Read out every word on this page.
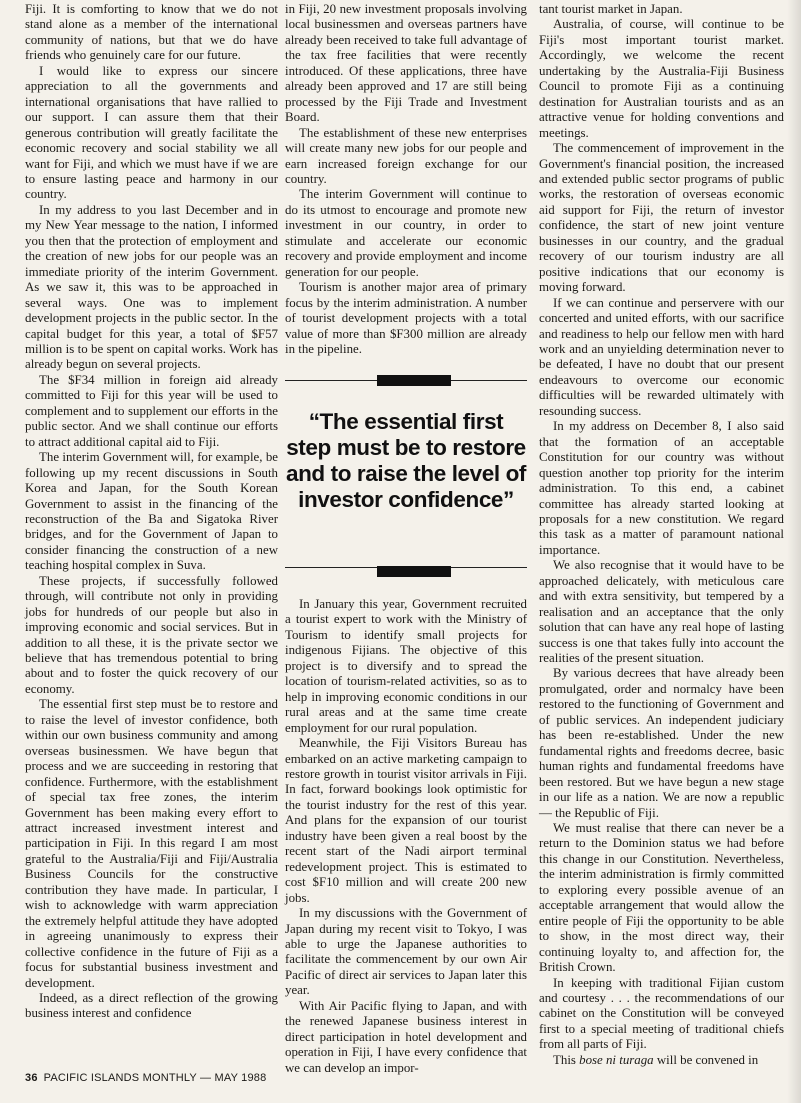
Fiji. It is comforting to know that we do not stand alone as a member of the international community of nations, but that we do have friends who genuinely care for our future.

I would like to express our sincere appreciation to all the governments and international organisations that have rallied to our support. I can assure them that their generous contribution will greatly facilitate the economic recovery and social stability we all want for Fiji, and which we must have if we are to ensure lasting peace and harmony in our country.

In my address to you last December and in my New Year message to the nation, I informed you then that the protection of employment and the creation of new jobs for our people was an immediate priority of the interim Government. As we saw it, this was to be approached in several ways. One was to implement development projects in the public sector. In the capital budget for this year, a total of $F57 million is to be spent on capital works. Work has already begun on several projects.

The $F34 million in foreign aid already committed to Fiji for this year will be used to complement and to supplement our efforts in the public sector. And we shall continue our efforts to attract additional capital aid to Fiji.

The interim Government will, for example, be following up my recent discussions in South Korea and Japan, for the South Korean Government to assist in the financing of the reconstruction of the Ba and Sigatoka River bridges, and for the Government of Japan to consider financing the construction of a new teaching hospital complex in Suva.

These projects, if successfully followed through, will contribute not only in providing jobs for hundreds of our people but also in improving economic and social services. But in addition to all these, it is the private sector we believe that has tremendous potential to bring about and to foster the quick recovery of our economy.

The essential first step must be to restore and to raise the level of investor confidence, both within our own business community and among overseas businessmen. We have begun that process and we are succeeding in restoring that confidence. Furthermore, with the establishment of special tax free zones, the interim Government has been making every effort to attract increased investment interest and participation in Fiji. In this regard I am most grateful to the Australia/Fiji and Fiji/Australia Business Councils for the constructive contribution they have made. In particular, I wish to acknowledge with warm appreciation the extremely helpful attitude they have adopted in agreeing unanimously to express their collective confidence in the future of Fiji as a focus for substantial business investment and development.

Indeed, as a direct reflection of the growing business interest and confidence

in Fiji, 20 new investment proposals involving local businessmen and overseas partners have already been received to take full advantage of the tax free facilities that were recently introduced. Of these applications, three have already been approved and 17 are still being processed by the Fiji Trade and Investment Board.

The establishment of these new enterprises will create many new jobs for our people and earn increased foreign exchange for our country.

The interim Government will continue to do its utmost to encourage and promote new investment in our country, in order to stimulate and accelerate our economic recovery and provide employment and income generation for our people.

Tourism is another major area of primary focus by the interim administration. A number of tourist development projects with a total value of more than $F300 million are already in the pipeline.

“The essential first step must be to restore and to raise the level of investor confidence”

In January this year, Government recruited a tourist expert to work with the Ministry of Tourism to identify small projects for indigenous Fijians. The objective of this project is to diversify and to spread the location of tourism-related activities, so as to help in improving economic conditions in our rural areas and at the same time create employment for our rural population.

Meanwhile, the Fiji Visitors Bureau has embarked on an active marketing campaign to restore growth in tourist visitor arrivals in Fiji. In fact, forward bookings look optimistic for the tourist industry for the rest of this year. And plans for the expansion of our tourist industry have been given a real boost by the recent start of the Nadi airport terminal redevelopment project. This is estimated to cost $F10 million and will create 200 new jobs.

In my discussions with the Government of Japan during my recent visit to Tokyo, I was able to urge the Japanese authorities to facilitate the commencement by our own Air Pacific of direct air services to Japan later this year.

With Air Pacific flying to Japan, and with the renewed Japanese business interest in direct participation in hotel development and operation in Fiji, I have every confidence that we can develop an impor-

tant tourist market in Japan.

Australia, of course, will continue to be Fiji's most important tourist market. Accordingly, we welcome the recent undertaking by the Australia-Fiji Business Council to promote Fiji as a continuing destination for Australian tourists and as an attractive venue for holding conventions and meetings.

The commencement of improvement in the Government's financial position, the increased and extended public sector programs of public works, the restoration of overseas economic aid support for Fiji, the return of investor confidence, the start of new joint venture businesses in our country, and the gradual recovery of our tourism industry are all positive indications that our economy is moving forward.

If we can continue and perservere with our concerted and united efforts, with our sacrifice and readiness to help our fellow men with hard work and an unyielding determination never to be defeated, I have no doubt that our present endeavours to overcome our economic difficulties will be rewarded ultimately with resounding success.

In my address on December 8, I also said that the formation of an acceptable Constitution for our country was without question another top priority for the interim administration. To this end, a cabinet committee has already started looking at proposals for a new constitution. We regard this task as a matter of paramount national importance.

We also recognise that it would have to be approached delicately, with meticulous care and with extra sensitivity, but tempered by a realisation and an acceptance that the only solution that can have any real hope of lasting success is one that takes fully into account the realities of the present situation.

By various decrees that have already been promulgated, order and normalcy have been restored to the functioning of Government and of public services. An independent judiciary has been re-established. Under the new fundamental rights and freedoms decree, basic human rights and fundamental freedoms have been restored. But we have begun a new stage in our life as a nation. We are now a republic — the Republic of Fiji.

We must realise that there can never be a return to the Dominion status we had before this change in our Constitution. Nevertheless, the interim administration is firmly committed to exploring every possible avenue of an acceptable arrangement that would allow the entire people of Fiji the opportunity to be able to show, in the most direct way, their continuing loyalty to, and affection for, the British Crown.

In keeping with traditional Fijian custom and courtesy . . . the recommendations of our cabinet on the Constitution will be conveyed first to a special meeting of traditional chiefs from all parts of Fiji.

This bose ni turaga will be convened in

36 PACIFIC ISLANDS MONTHLY — MAY 1988
